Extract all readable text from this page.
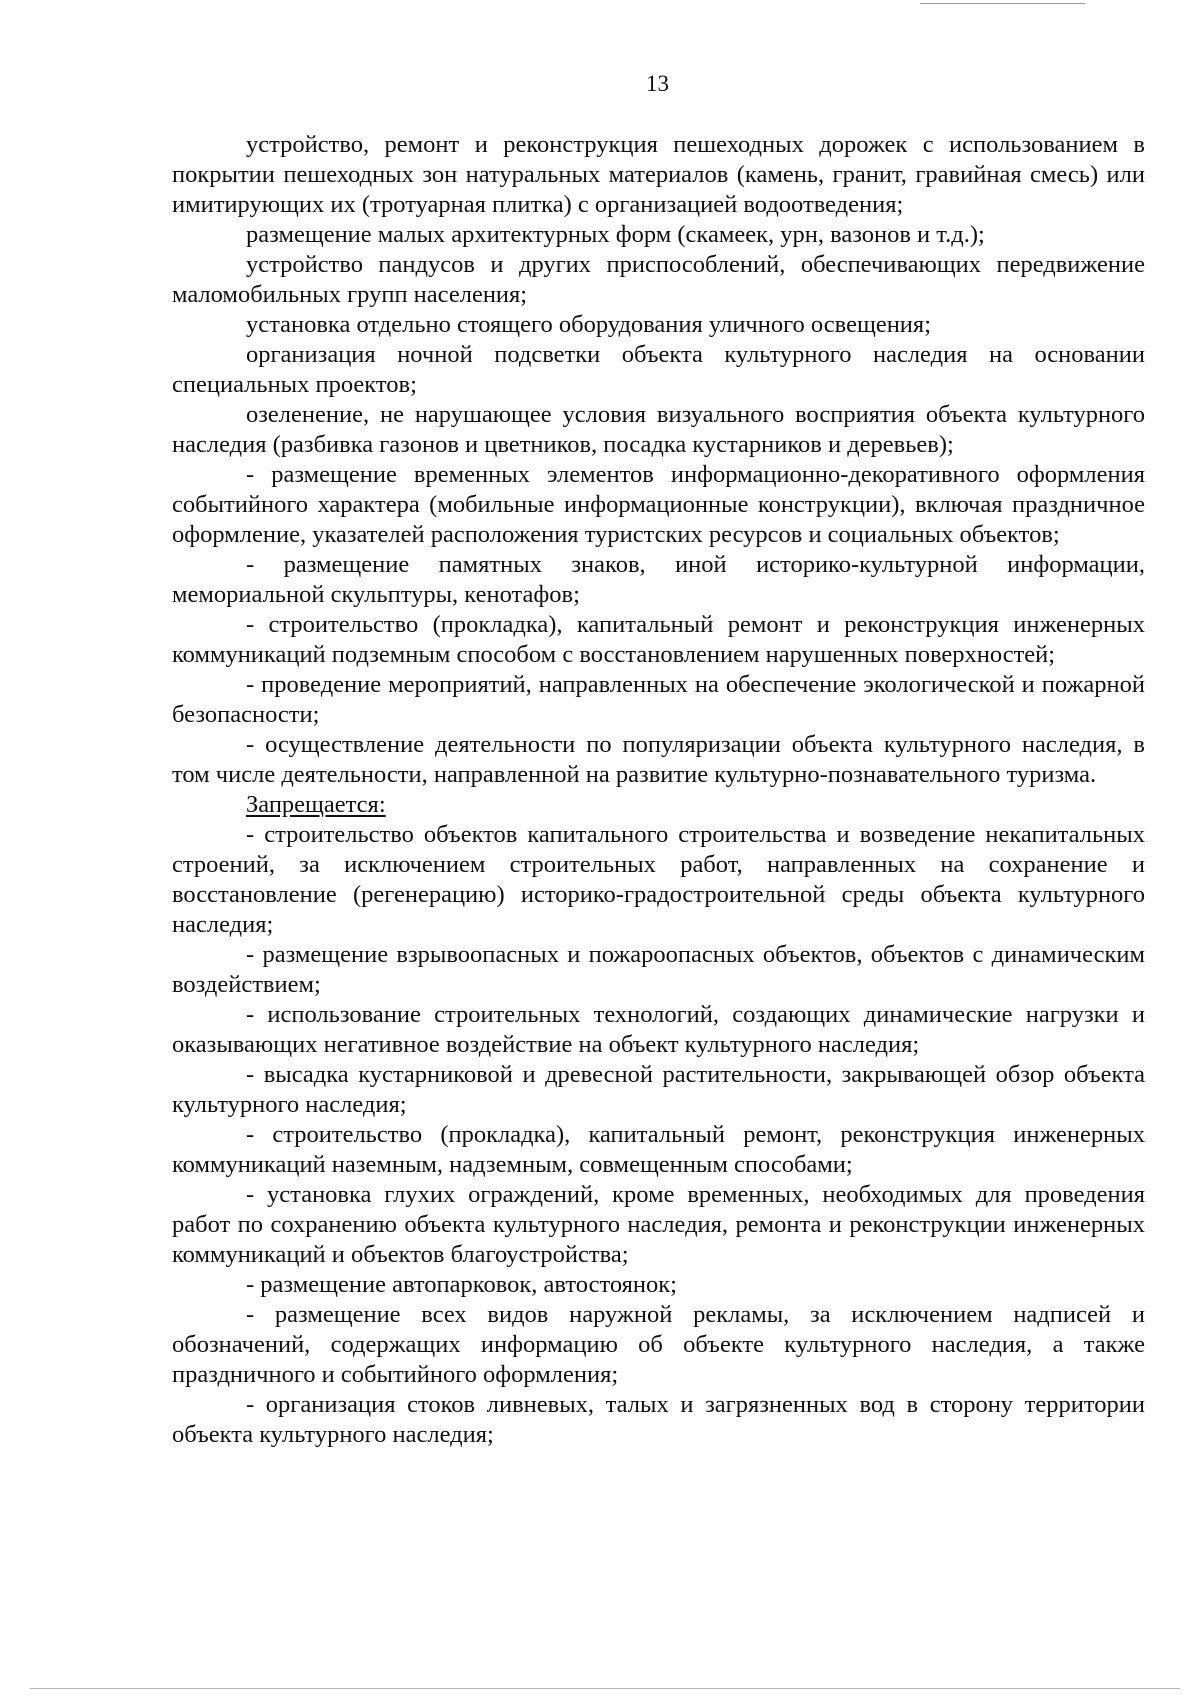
13

устройство, ремонт и реконструкция пешеходных дорожек с использованием в покрытии пешеходных зон натуральных материалов (камень, гранит, гравийная смесь) или имитирующих их (тротуарная плитка) с организацией водоотведения;

размещение малых архитектурных форм (скамеек, урн, вазонов и т.д.);

устройство пандусов и других приспособлений, обеспечивающих передвижение маломобильных групп населения;

установка отдельно стоящего оборудования уличного освещения;

организация ночной подсветки объекта культурного наследия на основании специальных проектов;

озеленение, не нарушающее условия визуального восприятия объекта культурного наследия (разбивка газонов и цветников, посадка кустарников и деревьев);

- размещение временных элементов информационно-декоративного оформления событийного характера (мобильные информационные конструкции), включая праздничное оформление, указателей расположения туристских ресурсов и социальных объектов;

- размещение памятных знаков, иной историко-культурной информации, мемориальной скульптуры, кенотафов;

- строительство (прокладка), капитальный ремонт и реконструкция инженерных коммуникаций подземным способом с восстановлением нарушенных поверхностей;

- проведение мероприятий, направленных на обеспечение экологической и пожарной безопасности;

- осуществление деятельности по популяризации объекта культурного наследия, в том числе деятельности, направленной на развитие культурно-познавательного туризма.

Запрещается:

- строительство объектов капитального строительства и возведение некапитальных строений, за исключением строительных работ, направленных на сохранение и восстановление (регенерацию) историко-градостроительной среды объекта культурного наследия;

- размещение взрывоопасных и пожароопасных объектов, объектов с динамическим воздействием;

- использование строительных технологий, создающих динамические нагрузки и оказывающих негативное воздействие на объект культурного наследия;

- высадка кустарниковой и древесной растительности, закрывающей обзор объекта культурного наследия;

- строительство (прокладка), капитальный ремонт, реконструкция инженерных коммуникаций наземным, надземным, совмещенным способами;

- установка глухих ограждений, кроме временных, необходимых для проведения работ по сохранению объекта культурного наследия, ремонта и реконструкции инженерных коммуникаций и объектов благоустройства;

- размещение автопарковок, автостоянок;

- размещение всех видов наружной рекламы, за исключением надписей и обозначений, содержащих информацию об объекте культурного наследия, а также праздничного и событийного оформления;

- организация стоков ливневых, талых и загрязненных вод в сторону территории объекта культурного наследия;
